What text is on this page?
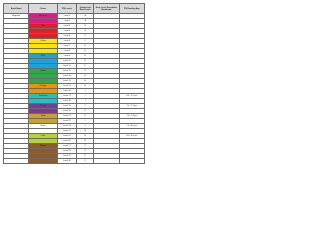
Book Band	Colour	PM Levels	Guided and Read levels	Early Level Decodable Bookband	PM Reading Age
Magenta	Magenta	Level 1	A		
		Level 2	A		
	Red	Level 3	B		
		Level 4	B		
		Level 5	C		
	Yellow	Level 6	C		
		Level 7	D		
		Level 8	D		
	Blue	Level 9	E		
		Level 10	E		
		Level 11	F		
	Green	Level 12	G		
		Level 13	G		
		Level 14	H		
	Orange	Level 15	H		
		Level 16	I		
	Turquoise	Level 17	I		6.6 - 7.0 yrs
		Level 18	J		
	Purple	Level 19	J		7.0 - 7.3 yrs
		Level 20	K		
	Gold	Level 21	K		7.3 - 7.6 yrs
		Level 22	L		
	White	Level 23	L		7.6 - 8.0 yrs
		Level 24	M		
	Lime	Level 25	N		8.0 - 8.6 yrs
		Level 26	N		
	Brown	Level 27	O		
		Level 28	O		
		Level 29	P		
		Level 30	P		
